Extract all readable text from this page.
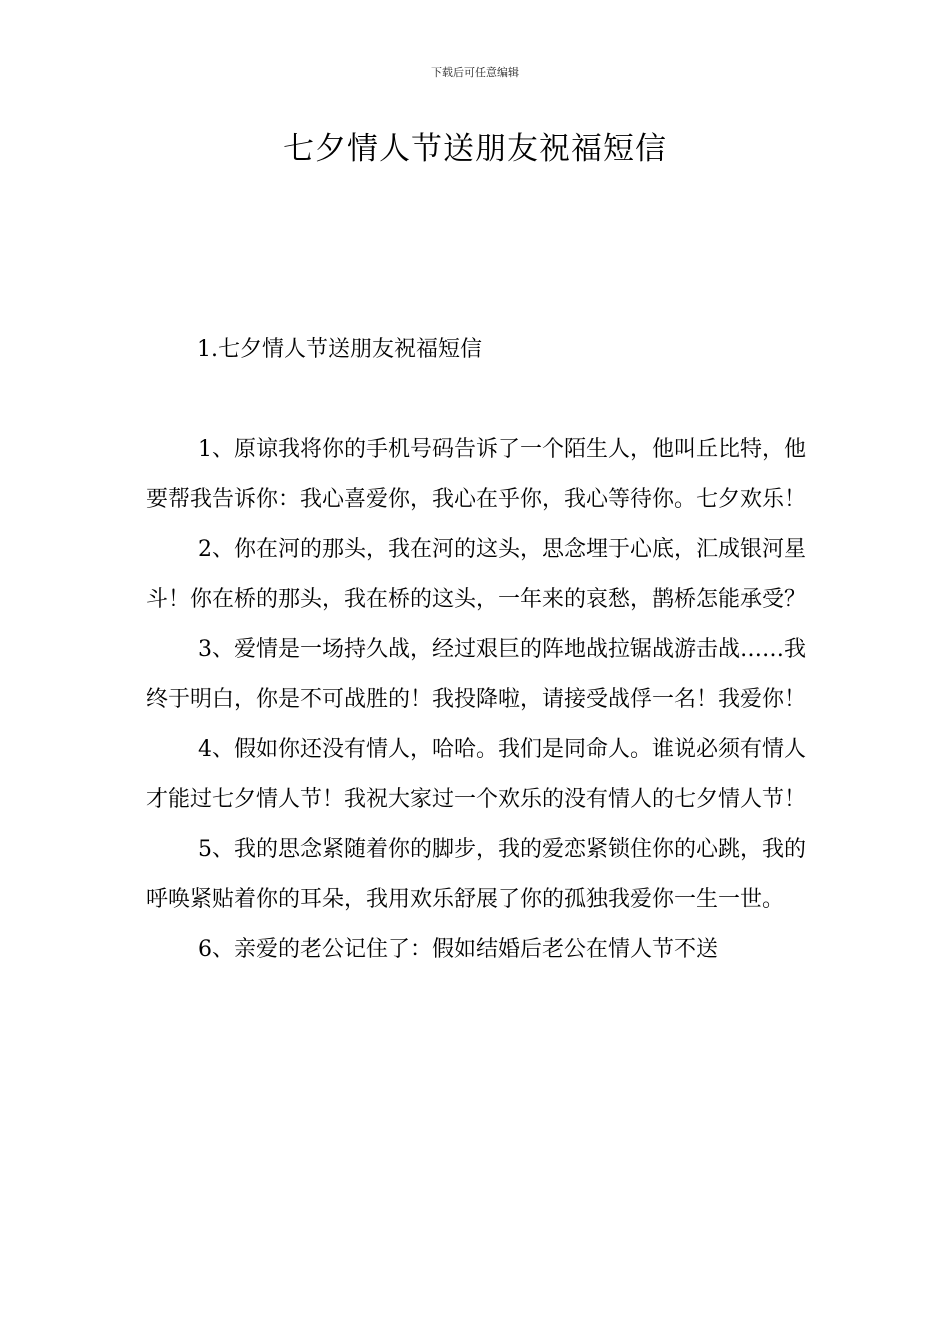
下载后可任意编辑
七夕情人节送朋友祝福短信
1.七夕情人节送朋友祝福短信

1、原谅我将你的手机号码告诉了一个陌生人，他叫丘比特，他要帮我告诉你：我心喜爱你，我心在乎你，我心等待你。七夕欢乐！

2、你在河的那头，我在河的这头，思念埋于心底，汇成银河星斗！你在桥的那头，我在桥的这头，一年来的哀愁，鹊桥怎能承受？

3、爱情是一场持久战，经过艰巨的阵地战拉锯战游击战……我终于明白，你是不可战胜的！我投降啦，请接受战俘一名！我爱你！

4、假如你还没有情人，哈哈。我们是同命人。谁说必须有情人才能过七夕情人节！我祝大家过一个欢乐的没有情人的七夕情人节！

5、我的思念紧随着你的脚步，我的爱恋紧锁住你的心跳，我的呼唤紧贴着你的耳朵，我用欢乐舒展了你的孤独我爱你一生一世。

6、亲爱的老公记住了：假如结婚后老公在情人节不送
